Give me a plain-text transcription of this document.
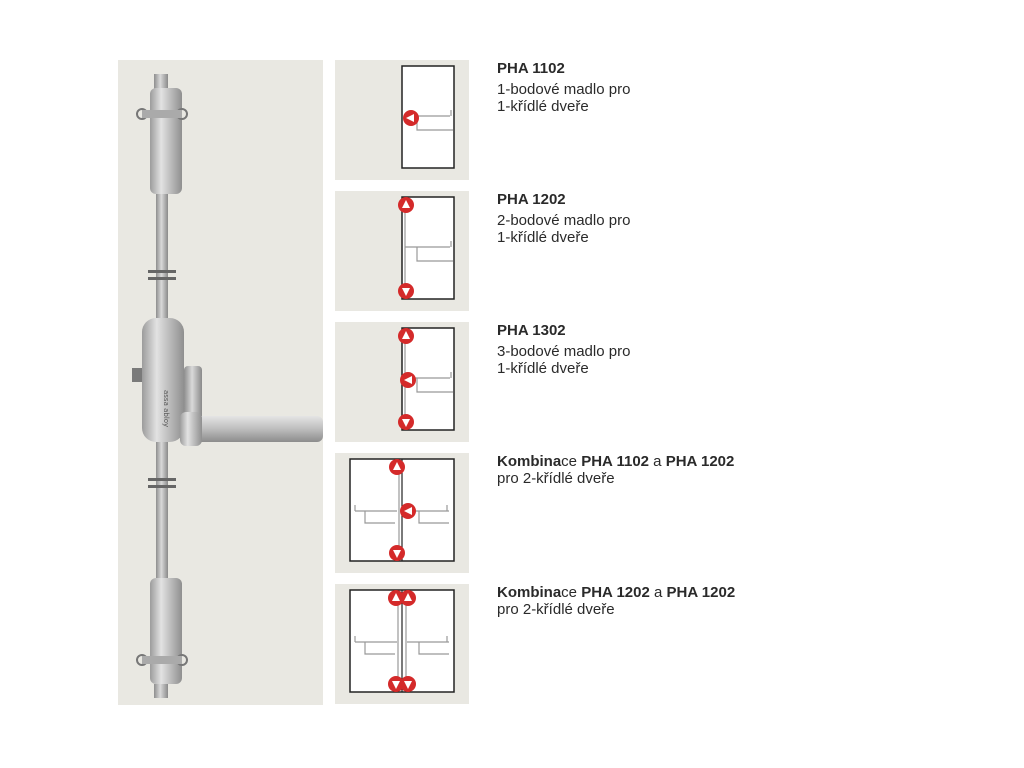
assa abloy
PHA 1102
1-bodové madlo pro
1-křídlé dveře
PHA 1202
2-bodové madlo pro
1-křídlé dveře
PHA 1302
3-bodové madlo pro
1-křídlé dveře
Kombinace PHA 1102 a PHA 1202
pro 2-křídlé dveře
Kombinace PHA 1202 a PHA 1202
pro 2-křídlé dveře
